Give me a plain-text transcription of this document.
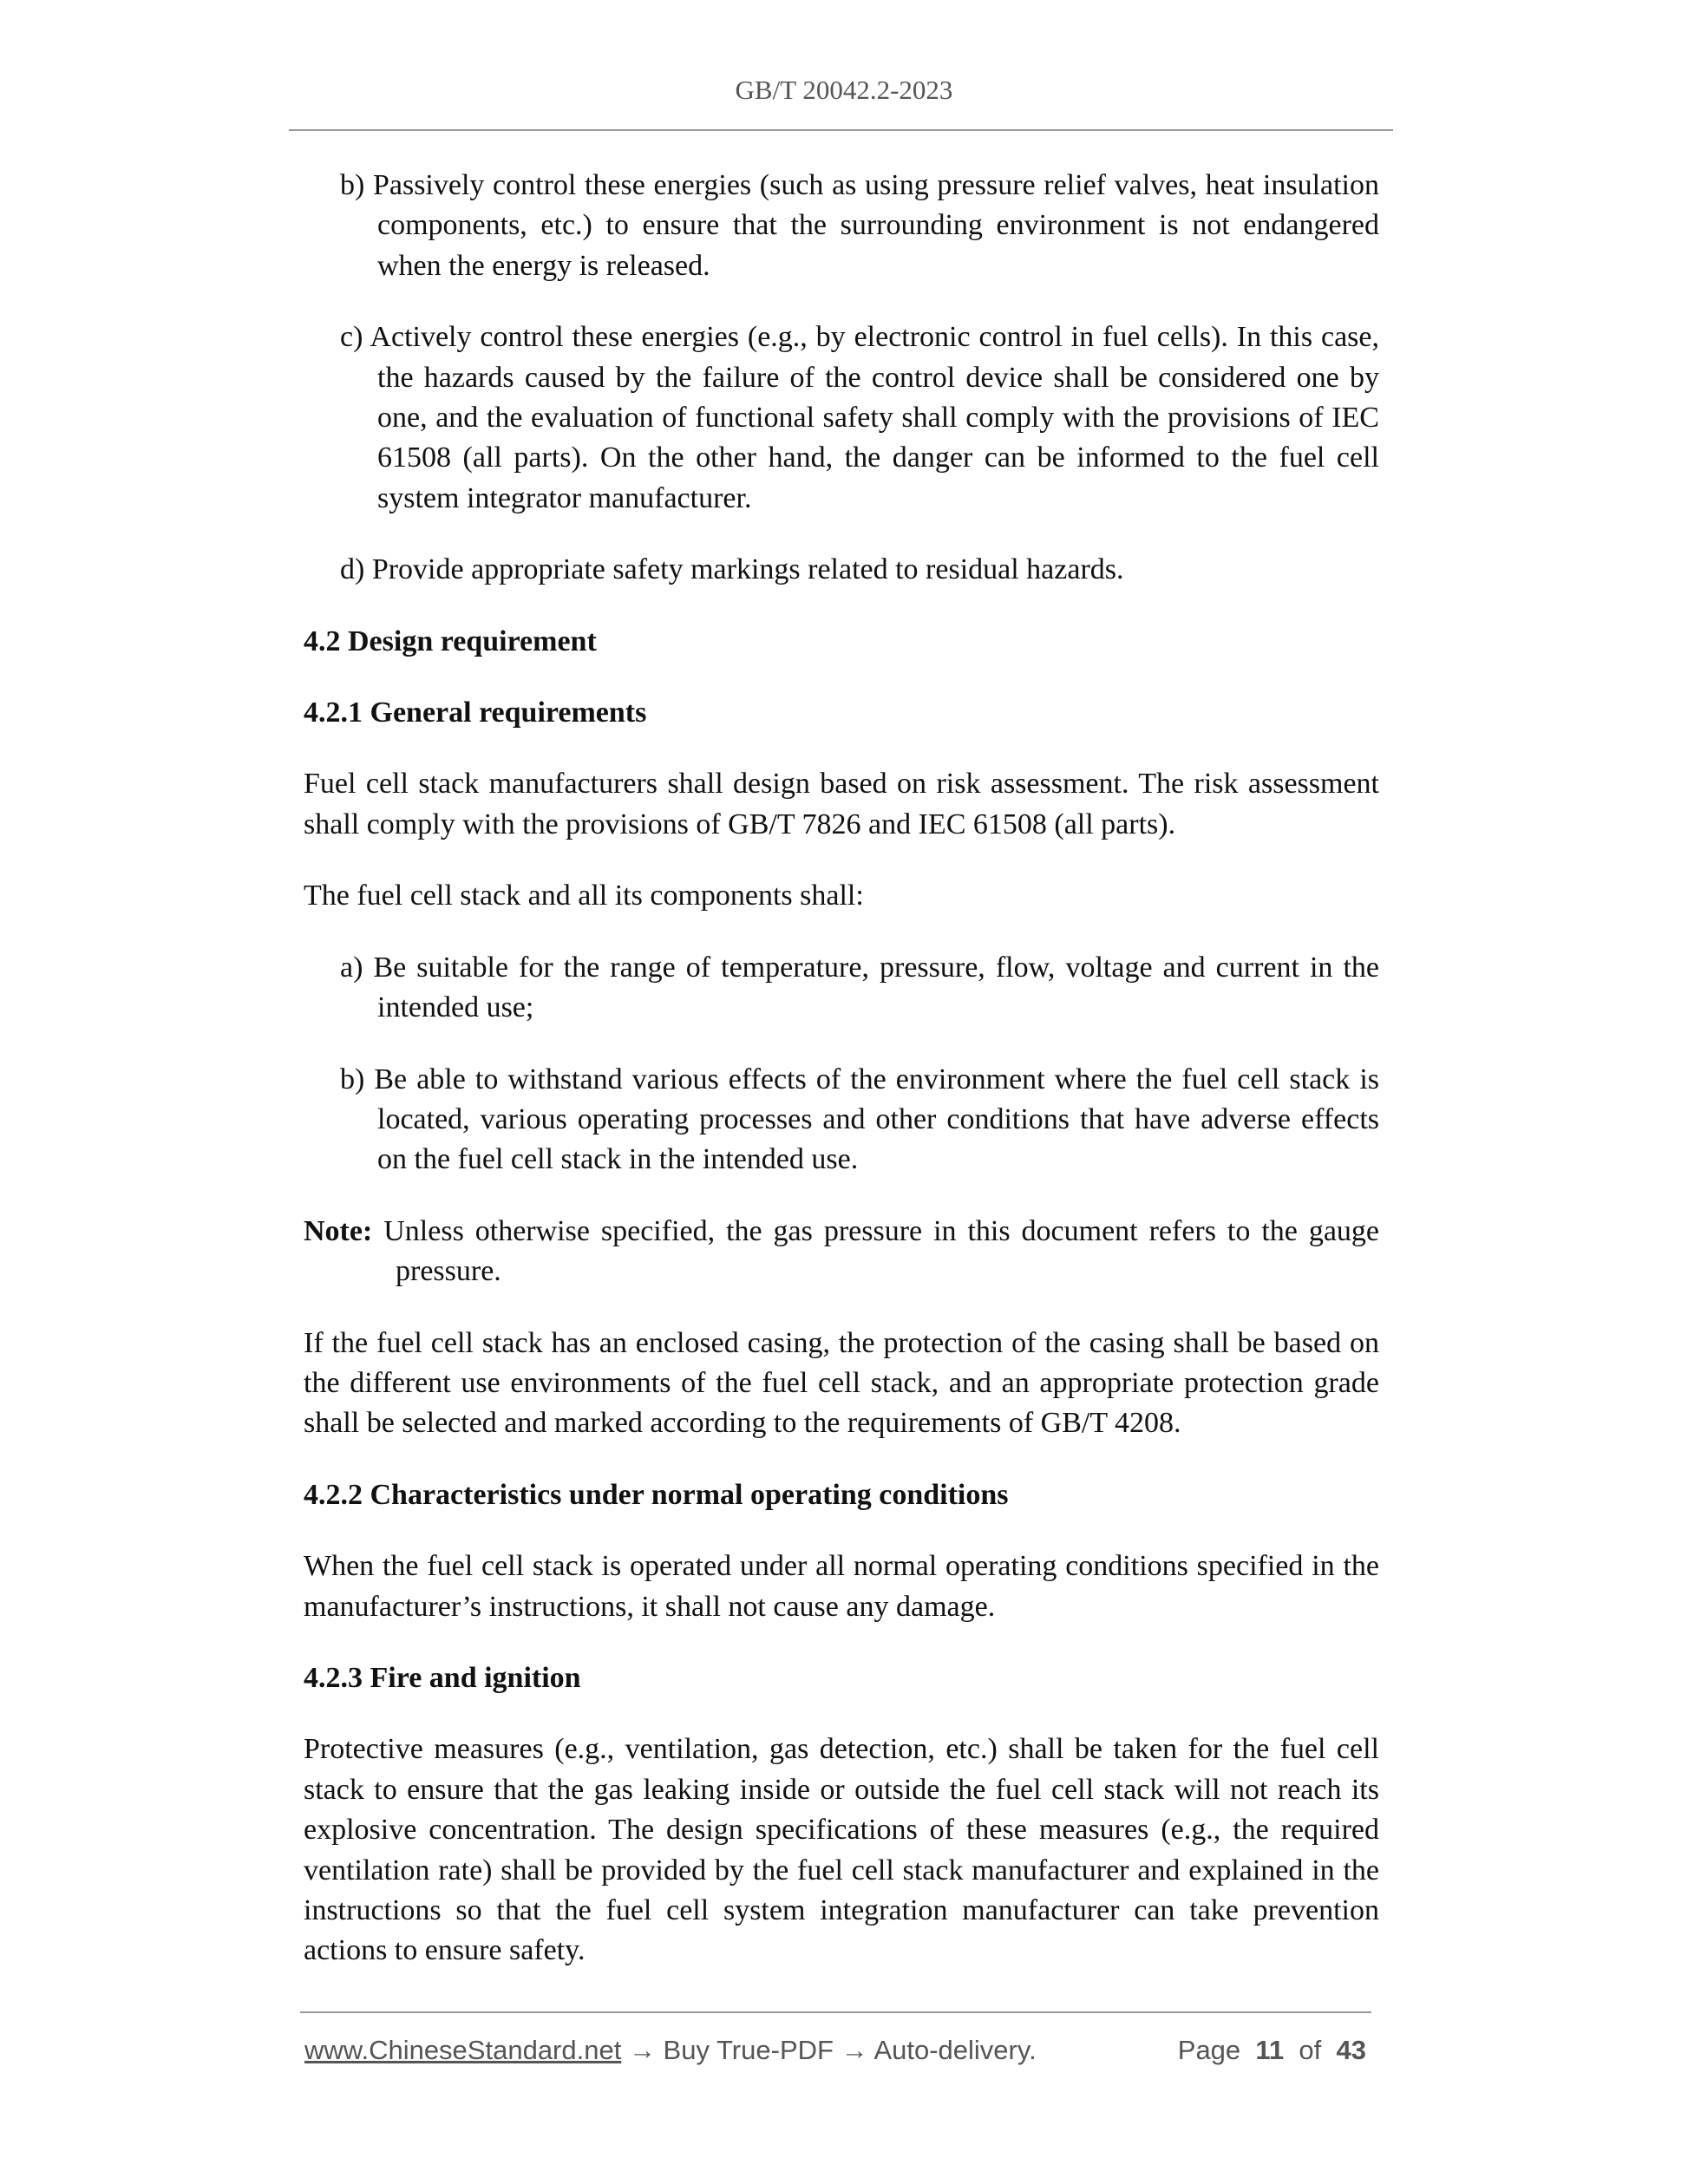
GB/T 20042.2-2023

b) Passively control these energies (such as using pressure relief valves, heat insulation components, etc.) to ensure that the surrounding environment is not endangered when the energy is released.

c) Actively control these energies (e.g., by electronic control in fuel cells). In this case, the hazards caused by the failure of the control device shall be considered one by one, and the evaluation of functional safety shall comply with the provisions of IEC 61508 (all parts). On the other hand, the danger can be informed to the fuel cell system integrator manufacturer.

d) Provide appropriate safety markings related to residual hazards.

4.2 Design requirement

4.2.1 General requirements

Fuel cell stack manufacturers shall design based on risk assessment. The risk assessment shall comply with the provisions of GB/T 7826 and IEC 61508 (all parts).

The fuel cell stack and all its components shall:

a) Be suitable for the range of temperature, pressure, flow, voltage and current in the intended use;

b) Be able to withstand various effects of the environment where the fuel cell stack is located, various operating processes and other conditions that have adverse effects on the fuel cell stack in the intended use.

Note: Unless otherwise specified, the gas pressure in this document refers to the gauge pressure.

If the fuel cell stack has an enclosed casing, the protection of the casing shall be based on the different use environments of the fuel cell stack, and an appropriate protection grade shall be selected and marked according to the requirements of GB/T 4208.

4.2.2 Characteristics under normal operating conditions

When the fuel cell stack is operated under all normal operating conditions specified in the manufacturer’s instructions, it shall not cause any damage.

4.2.3 Fire and ignition

Protective measures (e.g., ventilation, gas detection, etc.) shall be taken for the fuel cell stack to ensure that the gas leaking inside or outside the fuel cell stack will not reach its explosive concentration. The design specifications of these measures (e.g., the required ventilation rate) shall be provided by the fuel cell stack manufacturer and explained in the instructions so that the fuel cell system integration manufacturer can take prevention actions to ensure safety.

www.ChineseStandard.net → Buy True-PDF → Auto-delivery.	Page 11 of 43
